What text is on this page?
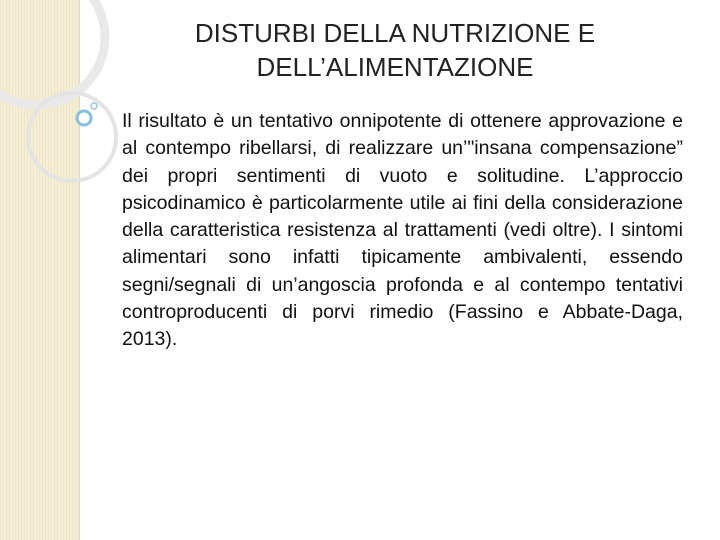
DISTURBI DELLA NUTRIZIONE E
DELL’ALIMENTAZIONE

Il risultato è un tentativo onnipotente di ottenere approvazione e al contempo ribellarsi, di realizzare un’"insana compensazione” dei propri sentimenti di vuoto e solitudine. L’approccio psicodinamico è particolarmente utile ai fini della considerazione della caratteristica resistenza al trattamenti (vedi oltre). I sintomi alimentari sono infatti tipicamente ambivalenti, essendo segni/segnali di un’angoscia profonda e al contempo tentativi controproducenti di porvi rimedio (Fassino e Abbate-Daga, 2013).
